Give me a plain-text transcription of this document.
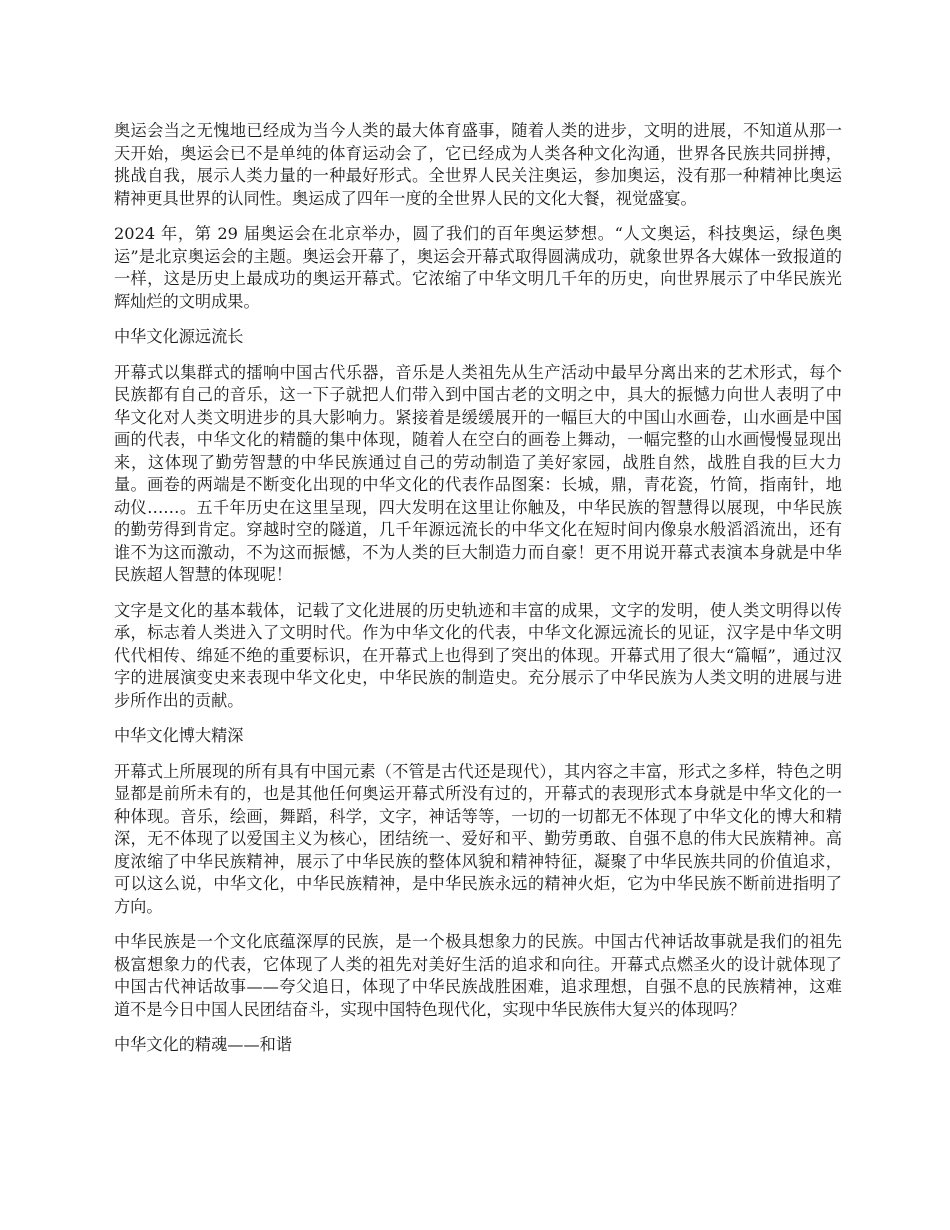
奥运会当之无愧地已经成为当今人类的最大体育盛事，随着人类的进步，文明的进展，不知道从那一天开始，奥运会已不是单纯的体育运动会了，它已经成为人类各种文化沟通，世界各民族共同拼搏，挑战自我，展示人类力量的一种最好形式。全世界人民关注奥运，参加奥运，没有那一种精神比奥运精神更具世界的认同性。奥运成了四年一度的全世界人民的文化大餐，视觉盛宴。

2024 年，第 29 届奥运会在北京举办，圆了我们的百年奥运梦想。“人文奥运，科技奥运，绿色奥运”是北京奥运会的主题。奥运会开幕了，奥运会开幕式取得圆满成功，就象世界各大媒体一致报道的一样，这是历史上最成功的奥运开幕式。它浓缩了中华文明几千年的历史，向世界展示了中华民族光辉灿烂的文明成果。

中华文化源远流长

开幕式以集群式的擂响中国古代乐器，音乐是人类祖先从生产活动中最早分离出来的艺术形式，每个民族都有自己的音乐，这一下子就把人们带入到中国古老的文明之中，具大的振憾力向世人表明了中华文化对人类文明进步的具大影响力。紧接着是缓缓展开的一幅巨大的中国山水画卷，山水画是中国画的代表，中华文化的精髓的集中体现，随着人在空白的画卷上舞动，一幅完整的山水画慢慢显现出来，这体现了勤劳智慧的中华民族通过自己的劳动制造了美好家园，战胜自然，战胜自我的巨大力量。画卷的两端是不断变化出现的中华文化的代表作品图案：长城，鼎，青花瓷，竹简，指南针，地动仪……。五千年历史在这里呈现，四大发明在这里让你触及，中华民族的智慧得以展现，中华民族的勤劳得到肯定。穿越时空的隧道，几千年源远流长的中华文化在短时间内像泉水般滔滔流出，还有谁不为这而激动，不为这而振憾，不为人类的巨大制造力而自豪！更不用说开幕式表演本身就是中华民族超人智慧的体现呢！

文字是文化的基本载体，记载了文化进展的历史轨迹和丰富的成果，文字的发明，使人类文明得以传承，标志着人类进入了文明时代。作为中华文化的代表，中华文化源远流长的见证，汉字是中华文明代代相传、绵延不绝的重要标识，在开幕式上也得到了突出的体现。开幕式用了很大“篇幅”，通过汉字的进展演变史来表现中华文化史，中华民族的制造史。充分展示了中华民族为人类文明的进展与进步所作出的贡献。

中华文化博大精深

开幕式上所展现的所有具有中国元素（不管是古代还是现代），其内容之丰富，形式之多样，特色之明显都是前所未有的，也是其他任何奥运开幕式所没有过的，开幕式的表现形式本身就是中华文化的一种体现。音乐，绘画，舞蹈，科学，文字，神话等等，一切的一切都无不体现了中华文化的博大和精深，无不体现了以爱国主义为核心，团结统一、爱好和平、勤劳勇敢、自强不息的伟大民族精神。高度浓缩了中华民族精神，展示了中华民族的整体风貌和精神特征，凝聚了中华民族共同的价值追求，可以这么说，中华文化，中华民族精神，是中华民族永远的精神火炬，它为中华民族不断前进指明了方向。

中华民族是一个文化底蕴深厚的民族，是一个极具想象力的民族。中国古代神话故事就是我们的祖先极富想象力的代表，它体现了人类的祖先对美好生活的追求和向往。开幕式点燃圣火的设计就体现了中国古代神话故事——夸父追日，体现了中华民族战胜困难，追求理想，自强不息的民族精神，这难道不是今日中国人民团结奋斗，实现中国特色现代化，实现中华民族伟大复兴的体现吗？

中华文化的精魂——和谐
